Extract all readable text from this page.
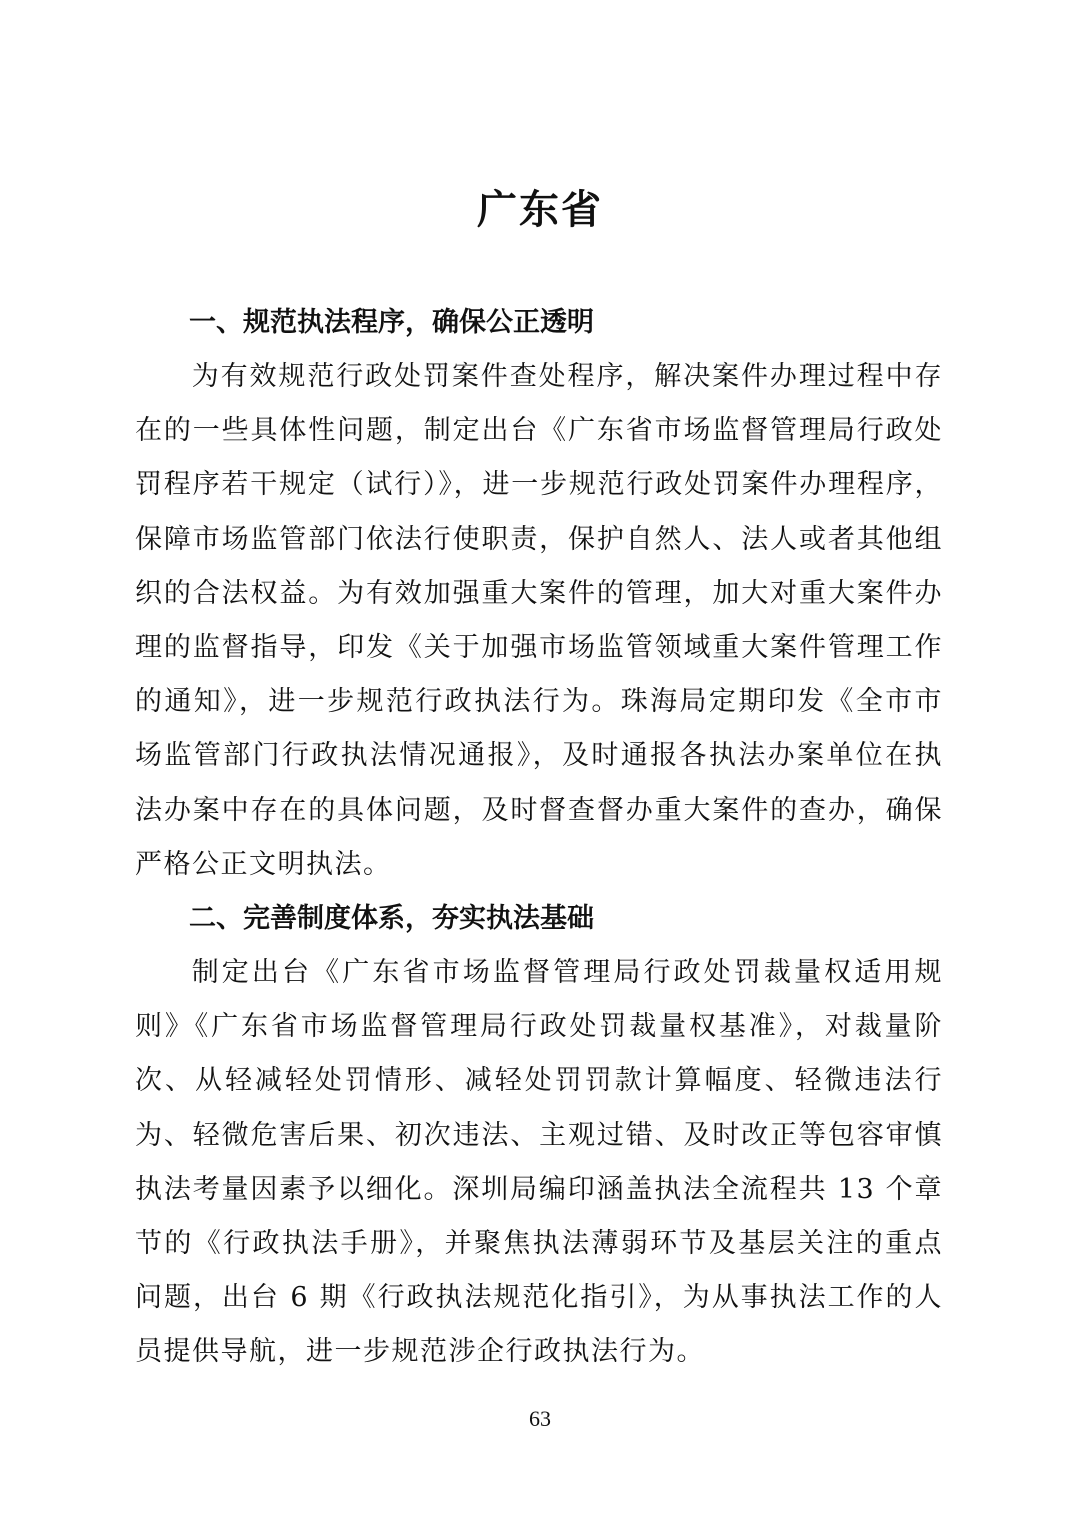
广东省

一、规范执法程序，确保公正透明

为有效规范行政处罚案件查处程序，解决案件办理过程中存在的一些具体性问题，制定出台《广东省市场监督管理局行政处罚程序若干规定（试行）》，进一步规范行政处罚案件办理程序，保障市场监管部门依法行使职责，保护自然人、法人或者其他组织的合法权益。为有效加强重大案件的管理，加大对重大案件办理的监督指导，印发《关于加强市场监管领域重大案件管理工作的通知》，进一步规范行政执法行为。珠海局定期印发《全市市场监管部门行政执法情况通报》，及时通报各执法办案单位在执法办案中存在的具体问题，及时督查督办重大案件的查办，确保严格公正文明执法。

二、完善制度体系，夯实执法基础

制定出台《广东省市场监督管理局行政处罚裁量权适用规则》《广东省市场监督管理局行政处罚裁量权基准》，对裁量阶次、从轻减轻处罚情形、减轻处罚罚款计算幅度、轻微违法行为、轻微危害后果、初次违法、主观过错、及时改正等包容审慎执法考量因素予以细化。深圳局编印涵盖执法全流程共 13 个章节的《行政执法手册》，并聚焦执法薄弱环节及基层关注的重点问题，出台 6 期《行政执法规范化指引》，为从事执法工作的人员提供导航，进一步规范涉企行政执法行为。

63
